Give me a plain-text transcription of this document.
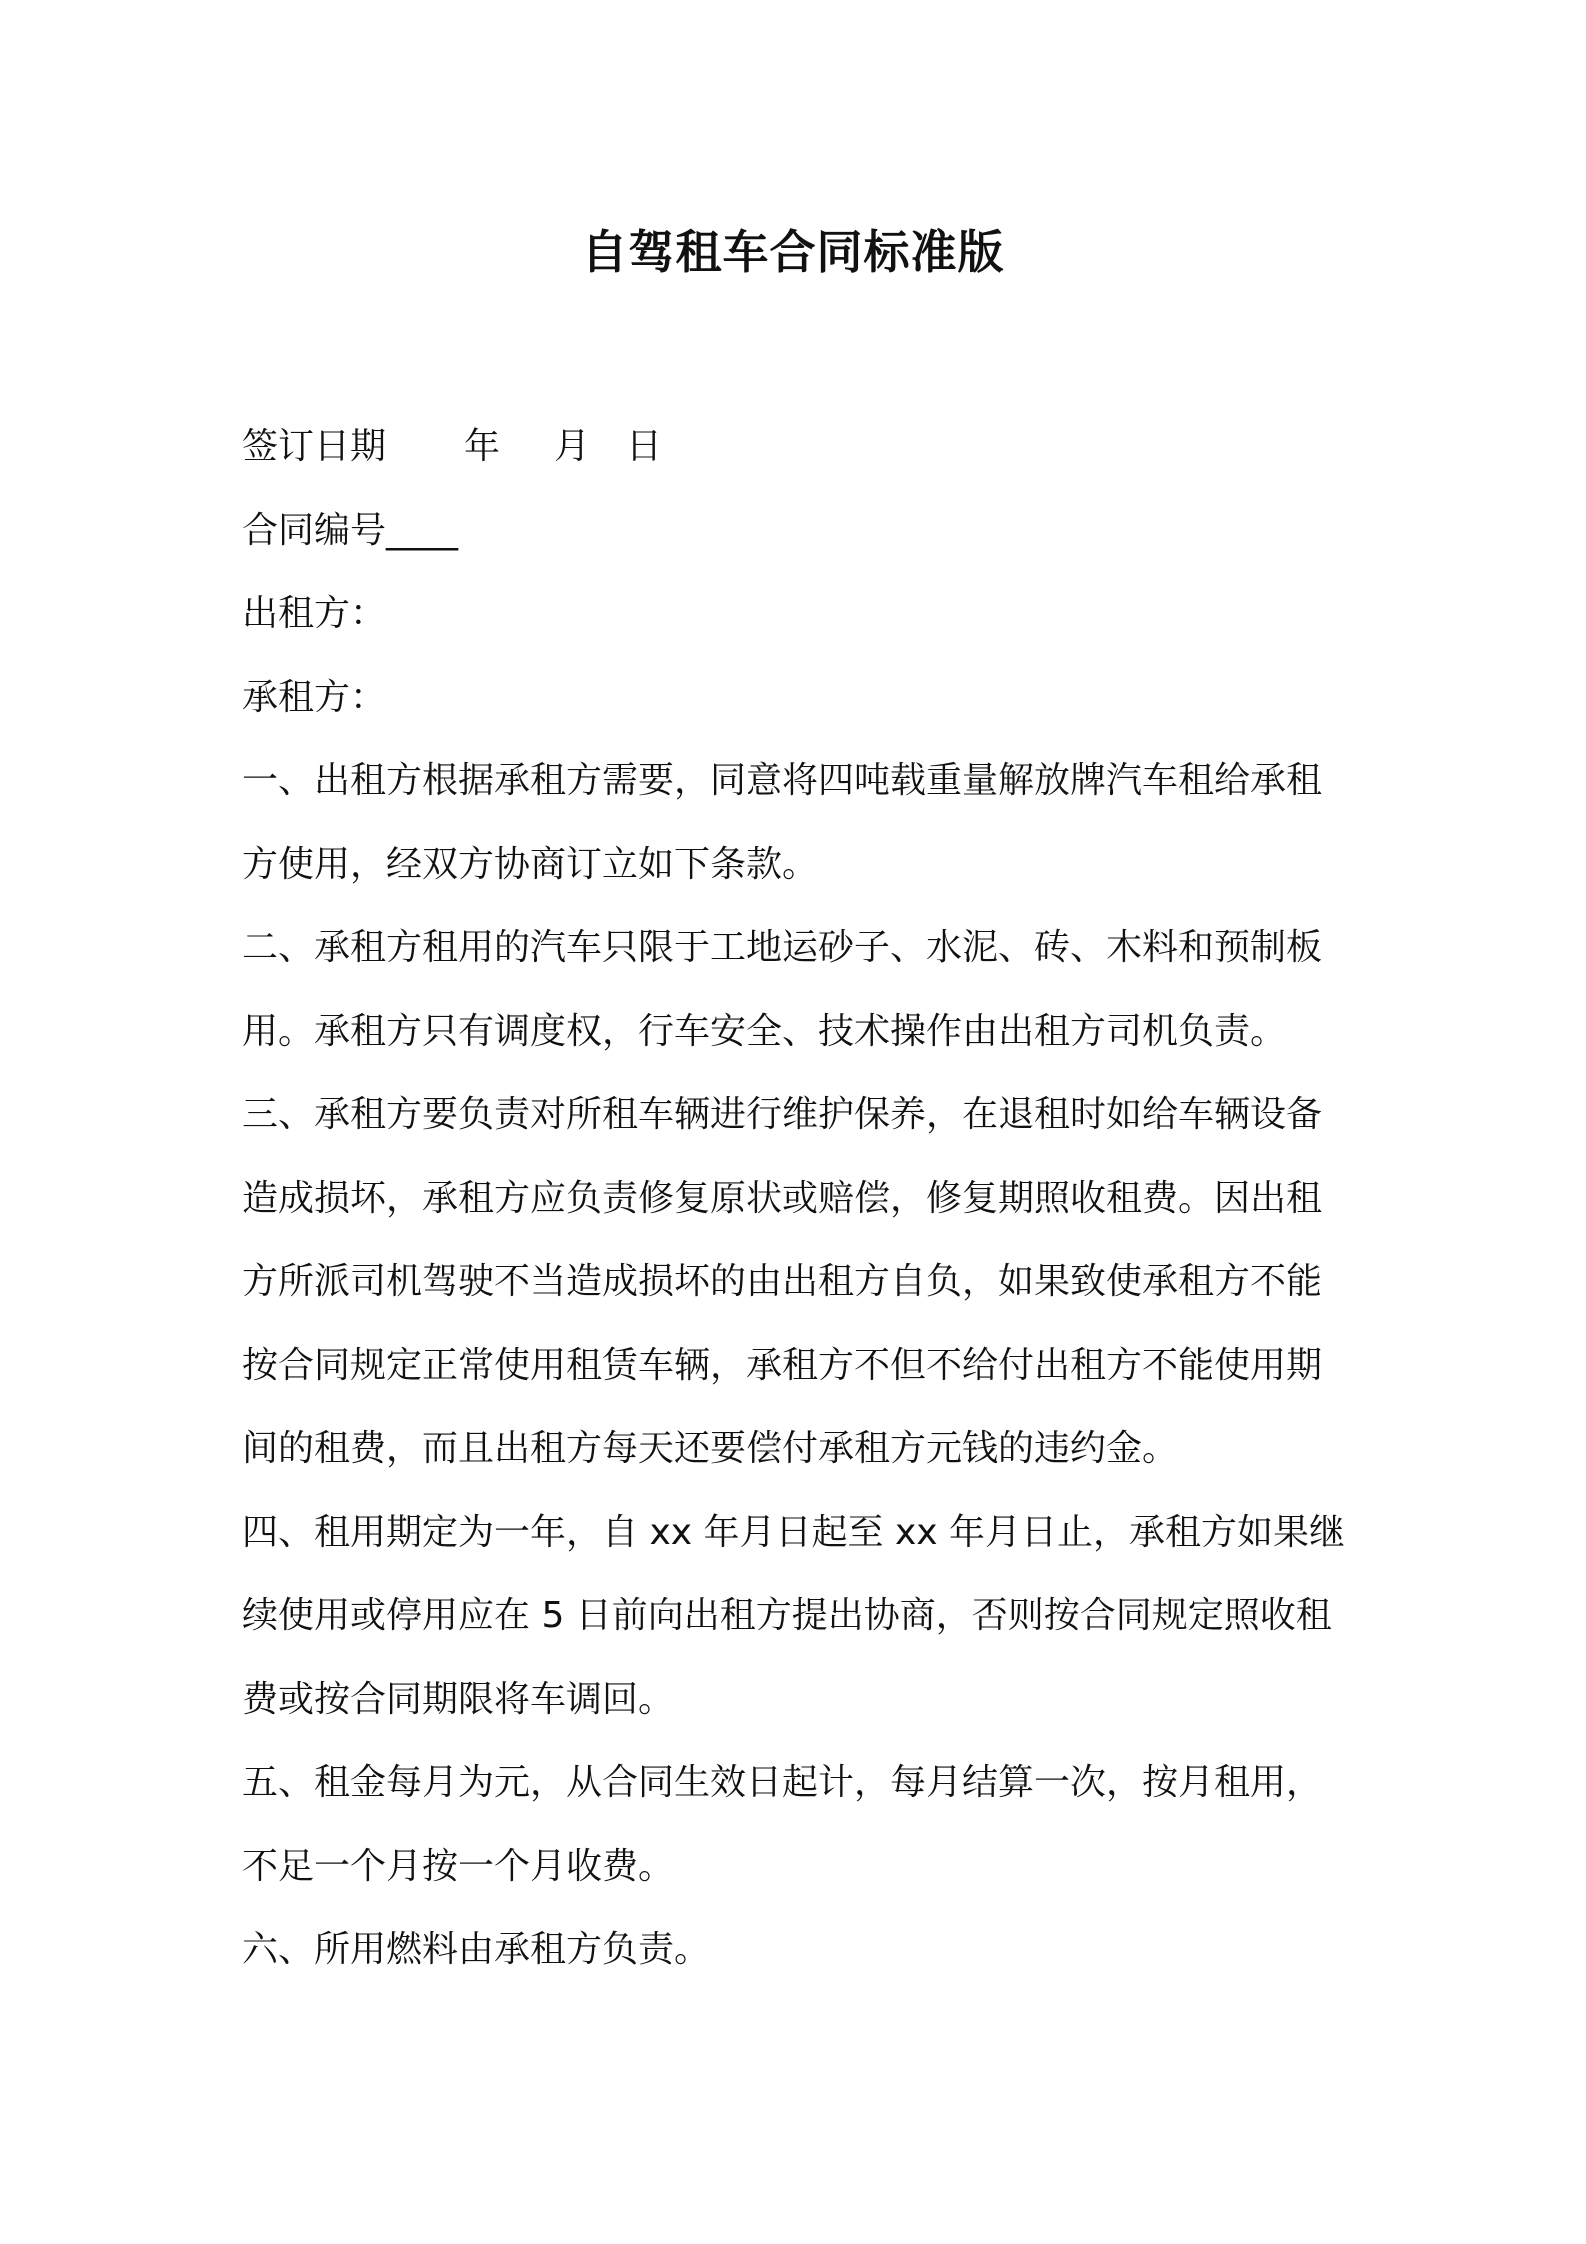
自驾租车合同标准版
签订日期 年 月 日
合同编号____
出租方：
承租方：
一、出租方根据承租方需要，同意将四吨载重量解放牌汽车租给承租
方使用，经双方协商订立如下条款。
二、承租方租用的汽车只限于工地运砂子、水泥、砖、木料和预制板
用。承租方只有调度权，行车安全、技术操作由出租方司机负责。
三、承租方要负责对所租车辆进行维护保养，在退租时如给车辆设备
造成损坏，承租方应负责修复原状或赔偿，修复期照收租费。因出租
方所派司机驾驶不当造成损坏的由出租方自负，如果致使承租方不能
按合同规定正常使用租赁车辆，承租方不但不给付出租方不能使用期
间的租费，而且出租方每天还要偿付承租方元钱的违约金。
四、租用期定为一年，自 xx 年月日起至 xx 年月日止，承租方如果继
续使用或停用应在 5 日前向出租方提出协商，否则按合同规定照收租
费或按合同期限将车调回。
五、租金每月为元，从合同生效日起计，每月结算一次，按月租用，
不足一个月按一个月收费。
六、所用燃料由承租方负责。
